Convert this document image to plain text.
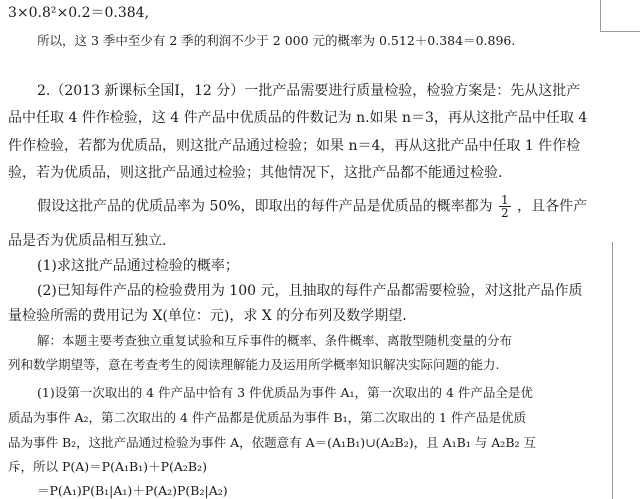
3×0.8²×0.2＝0.384,
所以，这 3 季中至少有 2 季的利润不少于 2 000 元的概率为 0.512＋0.384＝0.896.
2.（2013 新课标全国Ⅰ，12 分）一批产品需要进行质量检验，检验方案是：先从这批产
品中任取 4 件作检验，这 4 件产品中优质品的件数记为 n.如果 n＝3，再从这批产品中任取 4
件作检验，若都为优质品，则这批产品通过检验；如果 n＝4，再从这批产品中任取 1 件作检
验，若为优质品，则这批产品通过检验；其他情况下，这批产品都不能通过检验.
假设这批产品的优质品率为 50%，即取出的每件产品是优质品的概率都为 $\frac{1}{2}$ ，且各件产
品是否为优质品相互独立.
(1)求这批产品通过检验的概率；
(2)已知每件产品的检验费用为 100 元，且抽取的每件产品都需要检验，对这批产品作质
量检验所需的费用记为 X(单位：元)，求 X 的分布列及数学期望.
解：本题主要考查独立重复试验和互斥事件的概率、条件概率、离散型随机变量的分布
列和数学期望等，意在考查考生的阅读理解能力及运用所学概率知识解决实际问题的能力.
(1)设第一次取出的 4 件产品中恰有 3 件优质品为事件 A₁，第一次取出的 4 件产品全是优
质品为事件 A₂，第二次取出的 4 件产品都是优质品为事件 B₁，第二次取出的 1 件产品是优质
品为事件 B₂，这批产品通过检验为事件 A，依题意有 A＝(A₁B₁)∪(A₂B₂)，且 A₁B₁ 与 A₂B₂ 互
斥，所以 P(A)＝P(A₁B₁)＋P(A₂B₂)
＝P(A₁)P(B₁|A₁)＋P(A₂)P(B₂|A₂)
